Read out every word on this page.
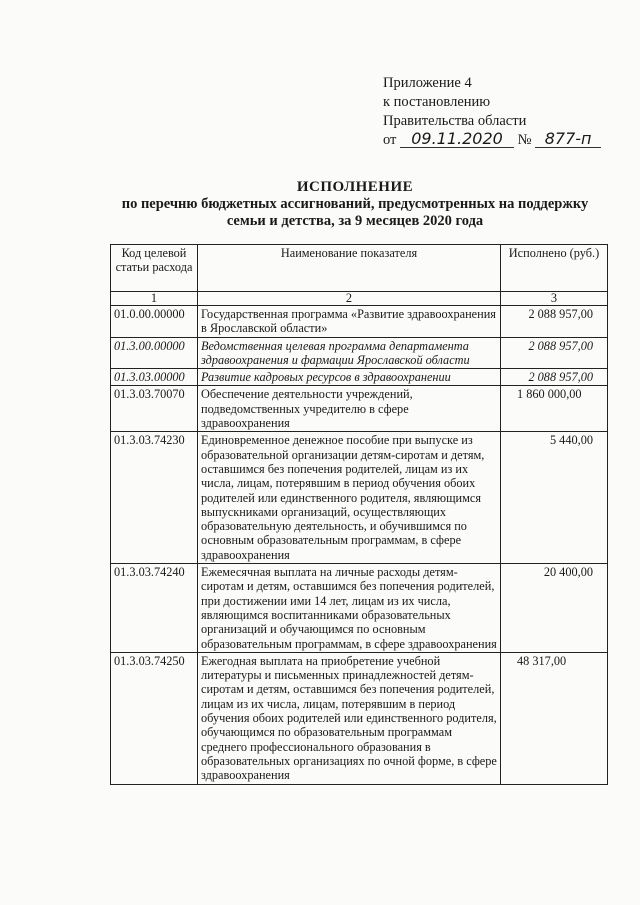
Приложение 4
к постановлению
Правительства области
от 09.11.2020 № 877-п
ИСПОЛНЕНИЕ
по перечню бюджетных ассигнований, предусмотренных на поддержку
семьи и детства, за 9 месяцев 2020 года
Код целевой статьи расхода	Наименование показателя	Исполнено (руб.)
1	2	3
01.0.00.00000	Государственная программа «Развитие здравоохранения в Ярославской области»	2 088 957,00
01.3.00.00000	Ведомственная целевая программа департамента здравоохранения и фармации Ярославской области	2 088 957,00
01.3.03.00000	Развитие кадровых ресурсов в здравоохранении	2 088 957,00
01.3.03.70070	Обеспечение деятельности учреждений, подведомственных учредителю в сфере здравоохранения	1 860 000,00
01.3.03.74230	Единовременное денежное пособие при выпуске из образовательной организации детям-сиротам и детям, оставшимся без попечения родителей, лицам из их числа, лицам, потерявшим в период обучения обоих родителей или единственного родителя, являющимся выпускниками организаций, осуществляющих образовательную деятельность, и обучившимся по основным образовательным программам, в сфере здравоохранения	5 440,00
01.3.03.74240	Ежемесячная выплата на личные расходы детям-сиротам и детям, оставшимся без попечения родителей, при достижении ими 14 лет, лицам из их числа, являющимся воспитанниками образовательных организаций и обучающимся по основным образовательным программам, в сфере здравоохранения	20 400,00
01.3.03.74250	Ежегодная выплата на приобретение учебной литературы и письменных принадлежностей детям-сиротам и детям, оставшимся без попечения родителей, лицам из их числа, лицам, потерявшим в период обучения обоих родителей или единственного родителя, обучающимся по образовательным программам среднего профессионального образования в образовательных организациях по очной форме, в сфере здравоохранения	48 317,00
